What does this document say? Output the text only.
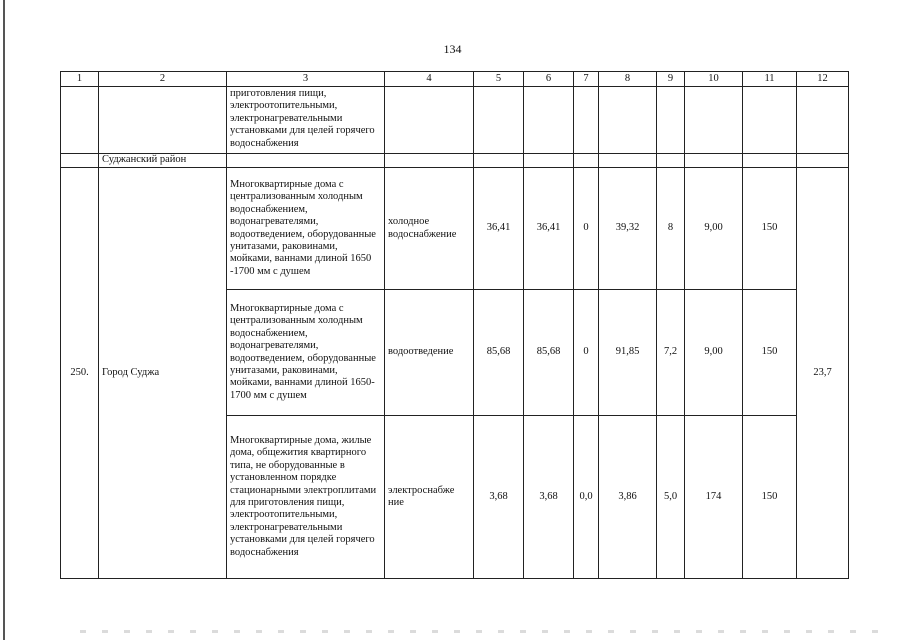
134
1	2	3	4	5	6	7	8	9	10	11	12
		приготовления пищи, электроотопительными, электронагревательными установками для целей горячего водоснабжения									
	Суджанский район										
250.	Город Суджа	Многоквартирные дома с централизованным холодным водоснабжением, водонагревателями, водоотведением, оборудованные унитазами, раковинами, мойками, ваннами длиной 1650 -1700 мм с душем	холодное водоснабжение	36,41	36,41	0	39,32	8	9,00	150	23,7
		Многоквартирные дома с централизованным холодным водоснабжением, водонагревателями, водоотведением, оборудованные унитазами, раковинами, мойками, ваннами длиной 1650- 1700 мм с душем	водоотведение	85,68	85,68	0	91,85	7,2	9,00	150	
		Многоквартирные дома, жилые дома, общежития квартирного типа, не оборудованные в установленном порядке стационарными электроплитами для приготовления пищи, электроотопительными, электронагревательными установками для целей горячего водоснабжения	электроснабже ние	3,68	3,68	0,0	3,86	5,0	174	150	
